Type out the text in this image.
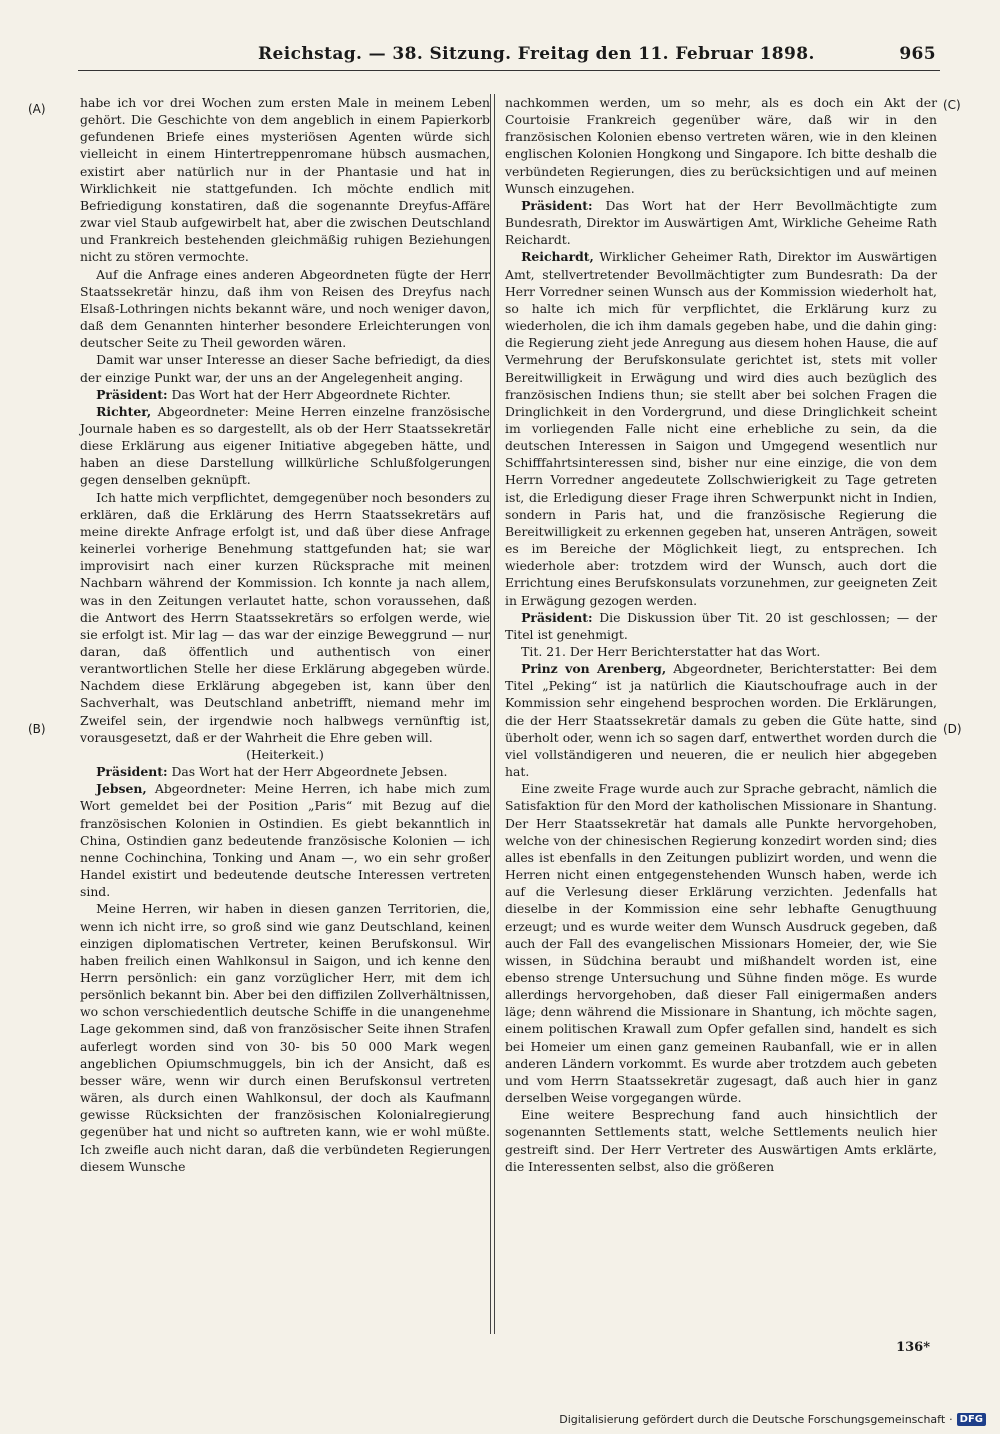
Reichstag. — 38. Sitzung. Freitag den 11. Februar 1898.	965
(A)
(B)
(C)
(D)

habe ich vor drei Wochen zum ersten Male in meinem Leben gehört. Die Geschichte von dem angeblich in einem Papierkorb gefundenen Briefe eines mysteriösen Agenten würde sich vielleicht in einem Hintertreppenromane hübsch ausmachen, existirt aber natürlich nur in der Phantasie und hat in Wirklichkeit nie stattgefunden. Ich möchte endlich mit Befriedigung konstatiren, daß die sogenannte Dreyfus-Affäre zwar viel Staub aufgewirbelt hat, aber die zwischen Deutschland und Frankreich bestehenden gleichmäßig ruhigen Beziehungen nicht zu stören vermochte.

Auf die Anfrage eines anderen Abgeordneten fügte der Herr Staatssekretär hinzu, daß ihm von Reisen des Dreyfus nach Elsaß-Lothringen nichts bekannt wäre, und noch weniger davon, daß dem Genannten hinterher besondere Erleichterungen von deutscher Seite zu Theil geworden wären.

Damit war unser Interesse an dieser Sache befriedigt, da dies der einzige Punkt war, der uns an der Angelegenheit anging.

Präsident: Das Wort hat der Herr Abgeordnete Richter.

Richter, Abgeordneter: Meine Herren einzelne französische Journale haben es so dargestellt, als ob der Herr Staatssekretär diese Erklärung aus eigener Initiative abgegeben hätte, und haben an diese Darstellung willkürliche Schlußfolgerungen gegen denselben geknüpft.

Ich hatte mich verpflichtet, demgegenüber noch besonders zu erklären, daß die Erklärung des Herrn Staatssekretärs auf meine direkte Anfrage erfolgt ist, und daß über diese Anfrage keinerlei vorherige Benehmung stattgefunden hat; sie war improvisirt nach einer kurzen Rücksprache mit meinen Nachbarn während der Kommission. Ich konnte ja nach allem, was in den Zeitungen verlautet hatte, schon voraussehen, daß die Antwort des Herrn Staatssekretärs so erfolgen werde, wie sie erfolgt ist. Mir lag — das war der einzige Beweggrund — nur daran, daß öffentlich und authentisch von einer verantwortlichen Stelle her diese Erklärung abgegeben würde. Nachdem diese Erklärung abgegeben ist, kann über den Sachverhalt, was Deutschland anbetrifft, niemand mehr im Zweifel sein, der irgendwie noch halbwegs vernünftig ist, vorausgesetzt, daß er der Wahrheit die Ehre geben will.

(Heiterkeit.)

Präsident: Das Wort hat der Herr Abgeordnete Jebsen.

Jebsen, Abgeordneter: Meine Herren, ich habe mich zum Wort gemeldet bei der Position „Paris“ mit Bezug auf die französischen Kolonien in Ostindien. Es giebt bekanntlich in China, Ostindien ganz bedeutende französische Kolonien — ich nenne Cochinchina, Tonking und Anam —, wo ein sehr großer Handel existirt und bedeutende deutsche Interessen vertreten sind.

Meine Herren, wir haben in diesen ganzen Territorien, die, wenn ich nicht irre, so groß sind wie ganz Deutschland, keinen einzigen diplomatischen Vertreter, keinen Berufskonsul. Wir haben freilich einen Wahlkonsul in Saigon, und ich kenne den Herrn persönlich: ein ganz vorzüglicher Herr, mit dem ich persönlich bekannt bin. Aber bei den diffizilen Zollverhältnissen, wo schon verschiedentlich deutsche Schiffe in die unangenehme Lage gekommen sind, daß von französischer Seite ihnen Strafen auferlegt worden sind von 30- bis 50 000 Mark wegen angeblichen Opiumschmuggels, bin ich der Ansicht, daß es besser wäre, wenn wir durch einen Berufskonsul vertreten wären, als durch einen Wahlkonsul, der doch als Kaufmann gewisse Rücksichten der französischen Kolonialregierung gegenüber hat und nicht so auftreten kann, wie er wohl müßte. Ich zweifle auch nicht daran, daß die verbündeten Regierungen diesem Wunsche

nachkommen werden, um so mehr, als es doch ein Akt der Courtoisie Frankreich gegenüber wäre, daß wir in den französischen Kolonien ebenso vertreten wären, wie in den kleinen englischen Kolonien Hongkong und Singapore. Ich bitte deshalb die verbündeten Regierungen, dies zu berücksichtigen und auf meinen Wunsch einzugehen.

Präsident: Das Wort hat der Herr Bevollmächtigte zum Bundesrath, Direktor im Auswärtigen Amt, Wirkliche Geheime Rath Reichardt.

Reichardt, Wirklicher Geheimer Rath, Direktor im Auswärtigen Amt, stellvertretender Bevollmächtigter zum Bundesrath: Da der Herr Vorredner seinen Wunsch aus der Kommission wiederholt hat, so halte ich mich für verpflichtet, die Erklärung kurz zu wiederholen, die ich ihm damals gegeben habe, und die dahin ging: die Regierung zieht jede Anregung aus diesem hohen Hause, die auf Vermehrung der Berufskonsulate gerichtet ist, stets mit voller Bereitwilligkeit in Erwägung und wird dies auch bezüglich des französischen Indiens thun; sie stellt aber bei solchen Fragen die Dringlichkeit in den Vordergrund, und diese Dringlichkeit scheint im vorliegenden Falle nicht eine erhebliche zu sein, da die deutschen Interessen in Saigon und Umgegend wesentlich nur Schifffahrtsinteressen sind, bisher nur eine einzige, die von dem Herrn Vorredner angedeutete Zollschwierigkeit zu Tage getreten ist, die Erledigung dieser Frage ihren Schwerpunkt nicht in Indien, sondern in Paris hat, und die französische Regierung die Bereitwilligkeit zu erkennen gegeben hat, unseren Anträgen, soweit es im Bereiche der Möglichkeit liegt, zu entsprechen. Ich wiederhole aber: trotzdem wird der Wunsch, auch dort die Errichtung eines Berufskonsulats vorzunehmen, zur geeigneten Zeit in Erwägung gezogen werden.

Präsident: Die Diskussion über Tit. 20 ist geschlossen; — der Titel ist genehmigt.

Tit. 21. Der Herr Berichterstatter hat das Wort.

Prinz von Arenberg, Abgeordneter, Berichterstatter: Bei dem Titel „Peking“ ist ja natürlich die Kiautschoufrage auch in der Kommission sehr eingehend besprochen worden. Die Erklärungen, die der Herr Staatssekretär damals zu geben die Güte hatte, sind überholt oder, wenn ich so sagen darf, entwerthet worden durch die viel vollständigeren und neueren, die er neulich hier abgegeben hat.

Eine zweite Frage wurde auch zur Sprache gebracht, nämlich die Satisfaktion für den Mord der katholischen Missionare in Shantung. Der Herr Staatssekretär hat damals alle Punkte hervorgehoben, welche von der chinesischen Regierung konzedirt worden sind; dies alles ist ebenfalls in den Zeitungen publizirt worden, und wenn die Herren nicht einen entgegenstehenden Wunsch haben, werde ich auf die Verlesung dieser Erklärung verzichten. Jedenfalls hat dieselbe in der Kommission eine sehr lebhafte Genugthuung erzeugt; und es wurde weiter dem Wunsch Ausdruck gegeben, daß auch der Fall des evangelischen Missionars Homeier, der, wie Sie wissen, in Südchina beraubt und mißhandelt worden ist, eine ebenso strenge Untersuchung und Sühne finden möge. Es wurde allerdings hervorgehoben, daß dieser Fall einigermaßen anders läge; denn während die Missionare in Shantung, ich möchte sagen, einem politischen Krawall zum Opfer gefallen sind, handelt es sich bei Homeier um einen ganz gemeinen Raubanfall, wie er in allen anderen Ländern vorkommt. Es wurde aber trotzdem auch gebeten und vom Herrn Staatssekretär zugesagt, daß auch hier in ganz derselben Weise vorgegangen würde.

Eine weitere Besprechung fand auch hinsichtlich der sogenannten Settlements statt, welche Settlements neulich hier gestreift sind. Der Herr Vertreter des Auswärtigen Amts erklärte, die Interessenten selbst, also die größeren

136*
Digitalisierung gefördert durch die Deutsche Forschungsgemeinschaft · DFG
